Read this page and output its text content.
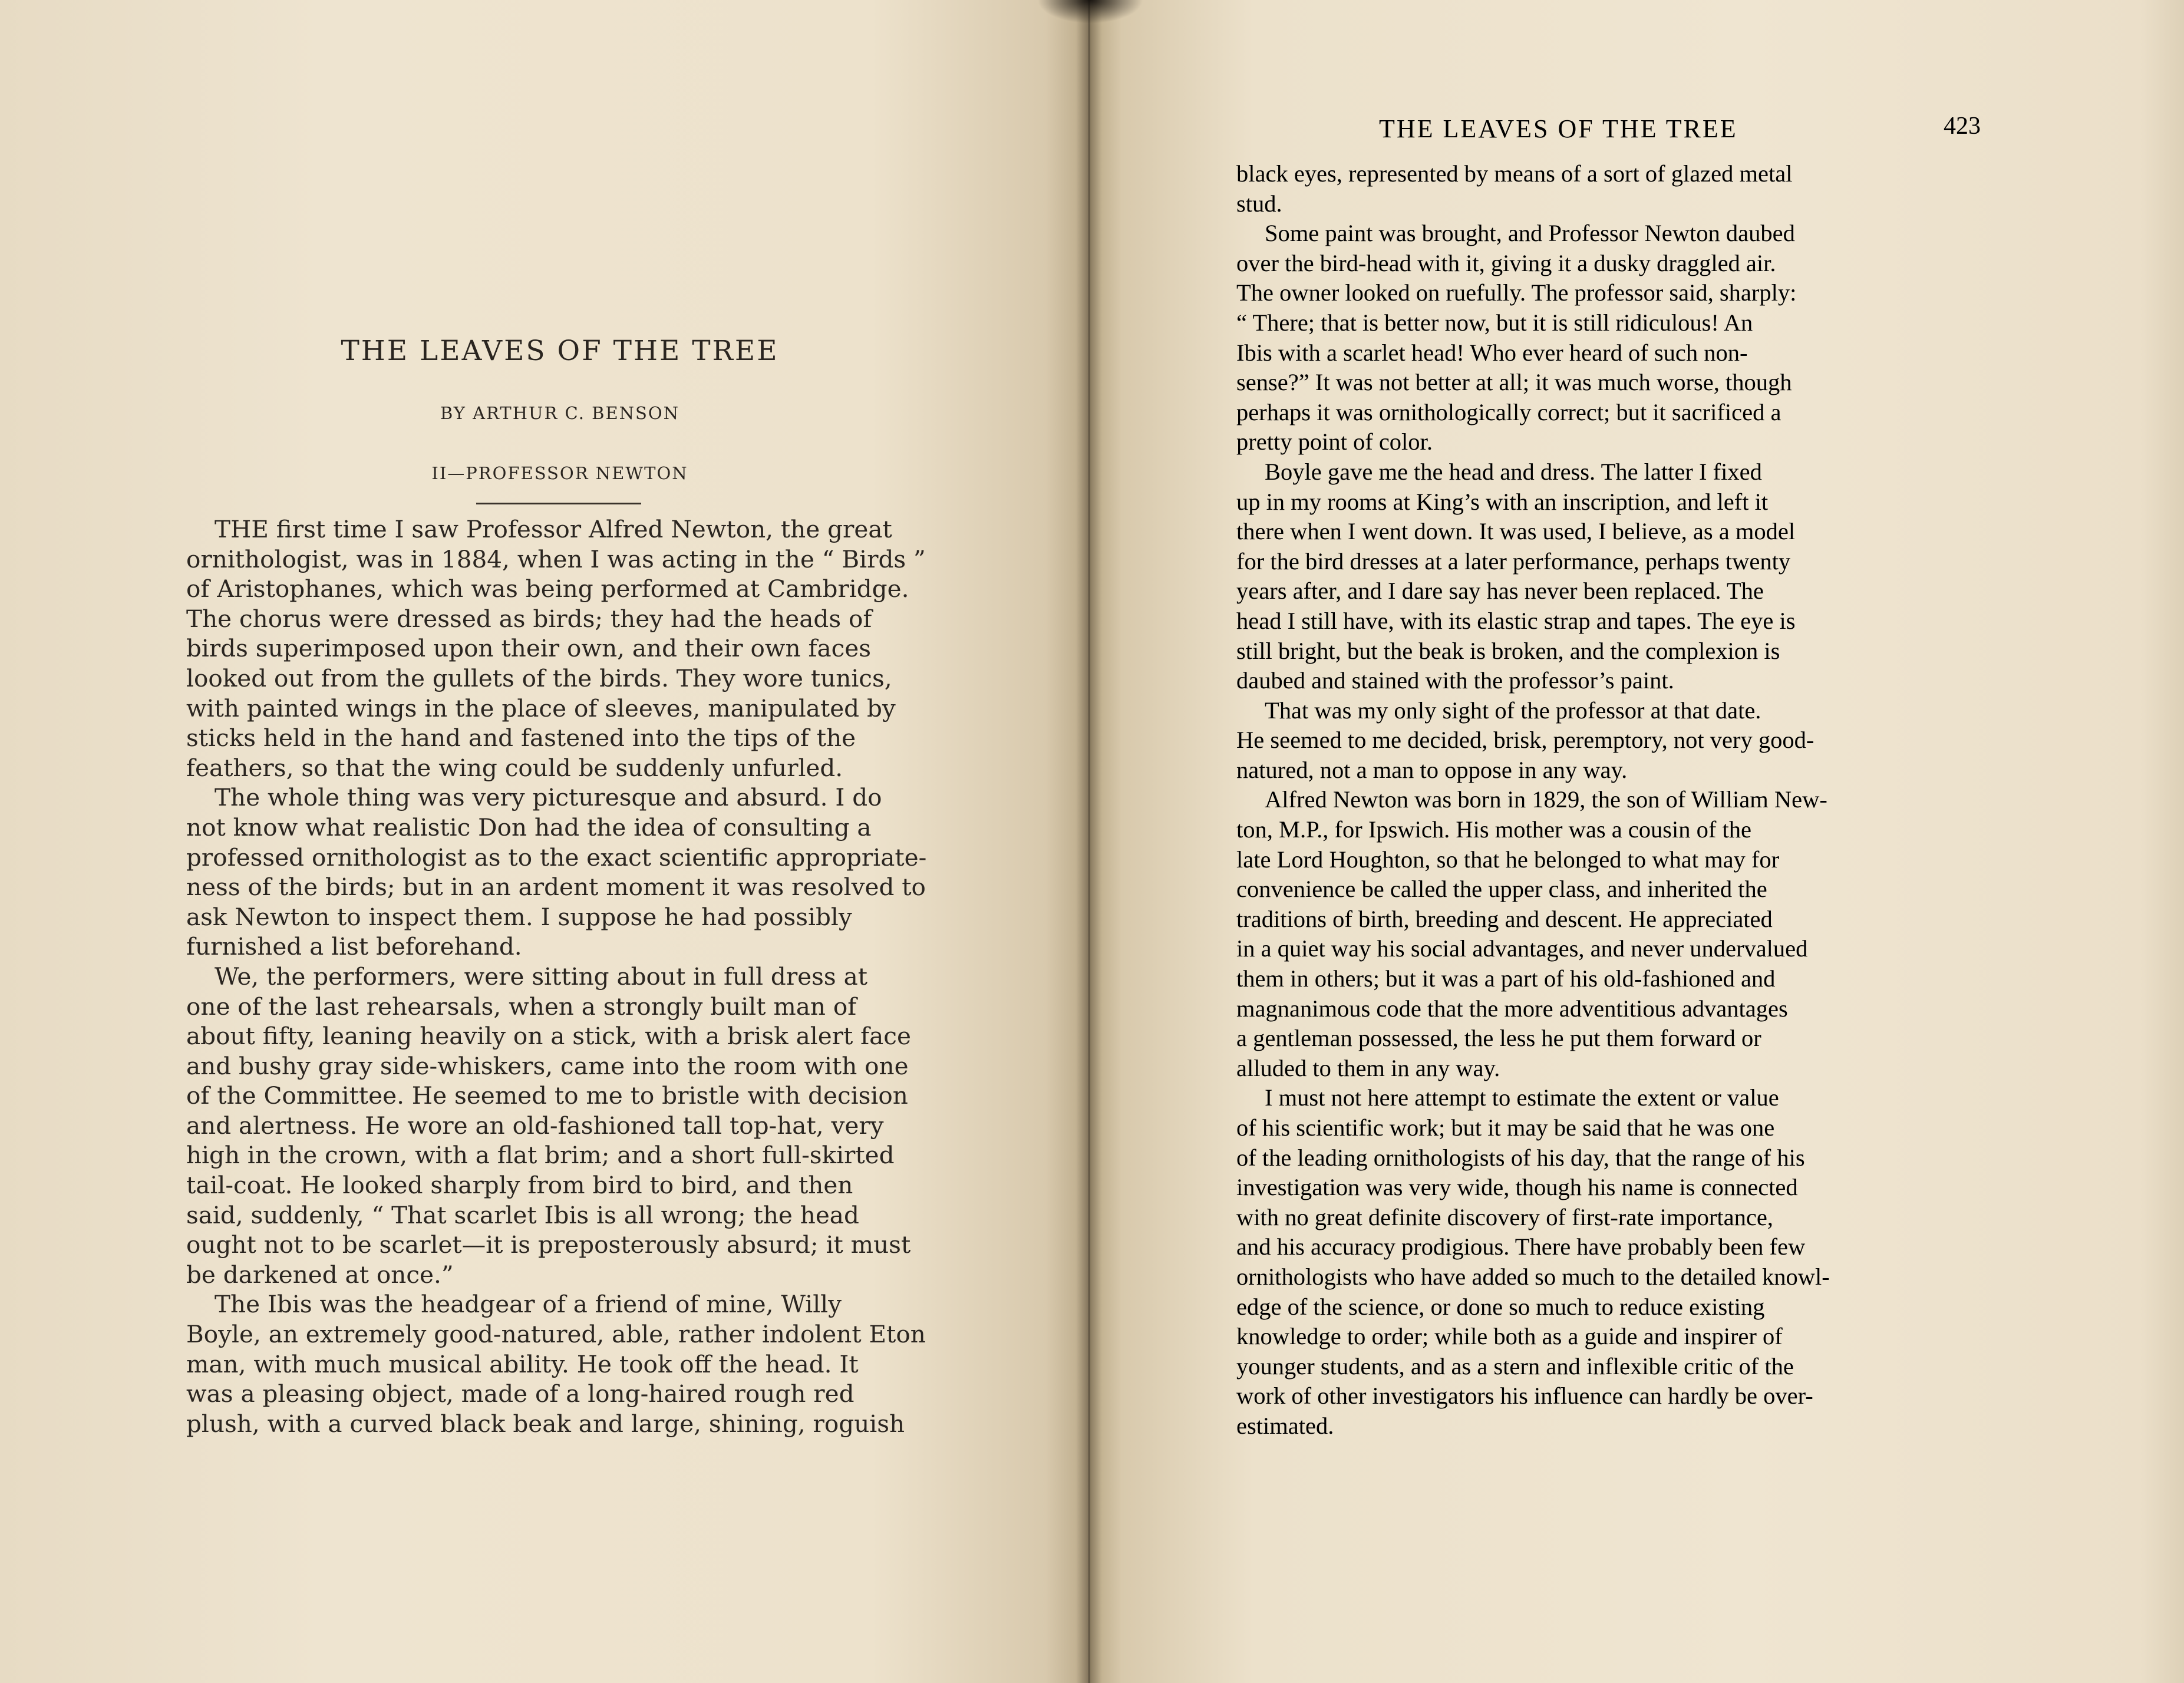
THE LEAVES OF THE TREE
BY ARTHUR C. BENSON
II—PROFESSOR NEWTON
THE first time I saw Professor Alfred Newton, the great
ornithologist, was in 1884, when I was acting in the “ Birds ”
of Aristophanes, which was being performed at Cambridge.
The chorus were dressed as birds; they had the heads of
birds superimposed upon their own, and their own faces
looked out from the gullets of the birds. They wore tunics,
with painted wings in the place of sleeves, manipulated by
sticks held in the hand and fastened into the tips of the
feathers, so that the wing could be suddenly unfurled.
The whole thing was very picturesque and absurd. I do
not know what realistic Don had the idea of consulting a
professed ornithologist as to the exact scientific appropriate-
ness of the birds; but in an ardent moment it was resolved to
ask Newton to inspect them. I suppose he had possibly
furnished a list beforehand.
We, the performers, were sitting about in full dress at
one of the last rehearsals, when a strongly built man of
about fifty, leaning heavily on a stick, with a brisk alert face
and bushy gray side-whiskers, came into the room with one
of the Committee. He seemed to me to bristle with decision
and alertness. He wore an old-fashioned tall top-hat, very
high in the crown, with a flat brim; and a short full-skirted
tail-coat. He looked sharply from bird to bird, and then
said, suddenly, “ That scarlet Ibis is all wrong; the head
ought not to be scarlet—it is preposterously absurd; it must
be darkened at once.”
The Ibis was the headgear of a friend of mine, Willy
Boyle, an extremely good-natured, able, rather indolent Eton
man, with much musical ability. He took off the head. It
was a pleasing object, made of a long-haired rough red
plush, with a curved black beak and large, shining, roguish
THE LEAVES OF THE TREE	423
black eyes, represented by means of a sort of glazed metal
stud.
Some paint was brought, and Professor Newton daubed
over the bird-head with it, giving it a dusky draggled air.
The owner looked on ruefully. The professor said, sharply:
“ There; that is better now, but it is still ridiculous! An
Ibis with a scarlet head! Who ever heard of such non-
sense?” It was not better at all; it was much worse, though
perhaps it was ornithologically correct; but it sacrificed a
pretty point of color.
Boyle gave me the head and dress. The latter I fixed
up in my rooms at King’s with an inscription, and left it
there when I went down. It was used, I believe, as a model
for the bird dresses at a later performance, perhaps twenty
years after, and I dare say has never been replaced. The
head I still have, with its elastic strap and tapes. The eye is
still bright, but the beak is broken, and the complexion is
daubed and stained with the professor’s paint.
That was my only sight of the professor at that date.
He seemed to me decided, brisk, peremptory, not very good-
natured, not a man to oppose in any way.
Alfred Newton was born in 1829, the son of William New-
ton, M.P., for Ipswich. His mother was a cousin of the
late Lord Houghton, so that he belonged to what may for
convenience be called the upper class, and inherited the
traditions of birth, breeding and descent. He appreciated
in a quiet way his social advantages, and never undervalued
them in others; but it was a part of his old-fashioned and
magnanimous code that the more adventitious advantages
a gentleman possessed, the less he put them forward or
alluded to them in any way.
I must not here attempt to estimate the extent or value
of his scientific work; but it may be said that he was one
of the leading ornithologists of his day, that the range of his
investigation was very wide, though his name is connected
with no great definite discovery of first-rate importance,
and his accuracy prodigious. There have probably been few
ornithologists who have added so much to the detailed knowl-
edge of the science, or done so much to reduce existing
knowledge to order; while both as a guide and inspirer of
younger students, and as a stern and inflexible critic of the
work of other investigators his influence can hardly be over-
estimated.
